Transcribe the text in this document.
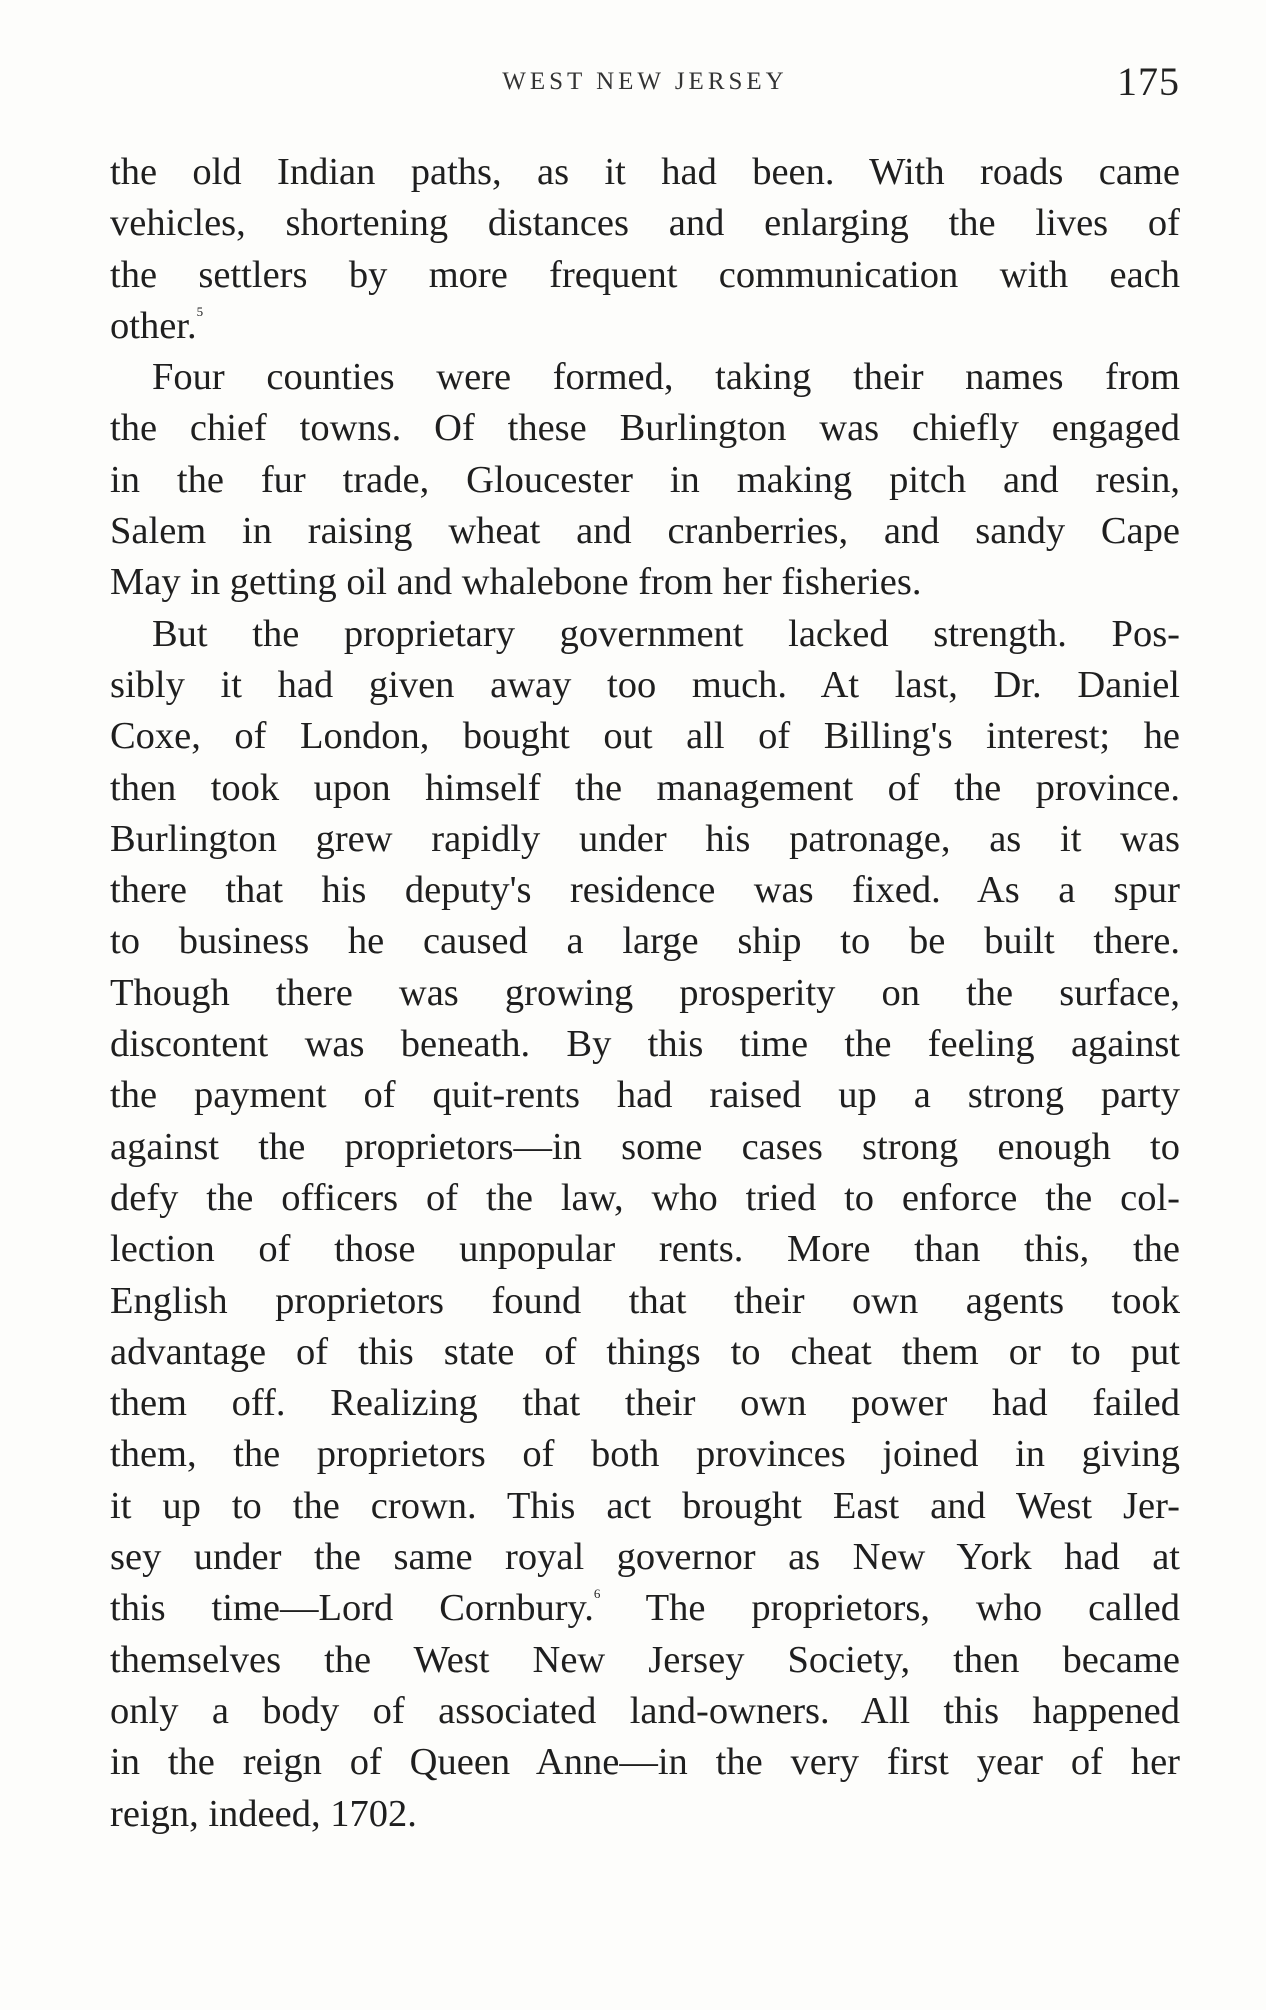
WEST NEW JERSEY	175
the old Indian paths, as it had been. With roads came
vehicles, shortening distances and enlarging the lives of
the settlers by more frequent communication with each
other.$^5$
Four counties were formed, taking their names from
the chief towns. Of these Burlington was chiefly engaged
in the fur trade, Gloucester in making pitch and resin,
Salem in raising wheat and cranberries, and sandy Cape
May in getting oil and whalebone from her fisheries.
But the proprietary government lacked strength. Pos-
sibly it had given away too much. At last, Dr. Daniel
Coxe, of London, bought out all of Billing's interest; he
then took upon himself the management of the province.
Burlington grew rapidly under his patronage, as it was
there that his deputy's residence was fixed. As a spur
to business he caused a large ship to be built there.
Though there was growing prosperity on the surface,
discontent was beneath. By this time the feeling against
the payment of quit-rents had raised up a strong party
against the proprietors—in some cases strong enough to
defy the officers of the law, who tried to enforce the col-
lection of those unpopular rents. More than this, the
English proprietors found that their own agents took
advantage of this state of things to cheat them or to put
them off. Realizing that their own power had failed
them, the proprietors of both provinces joined in giving
it up to the crown. This act brought East and West Jer-
sey under the same royal governor as New York had at
this time—Lord Cornbury.$^6$ The proprietors, who called
themselves the West New Jersey Society, then became
only a body of associated land-owners. All this happened
in the reign of Queen Anne—in the very first year of her
reign, indeed, 1702.
